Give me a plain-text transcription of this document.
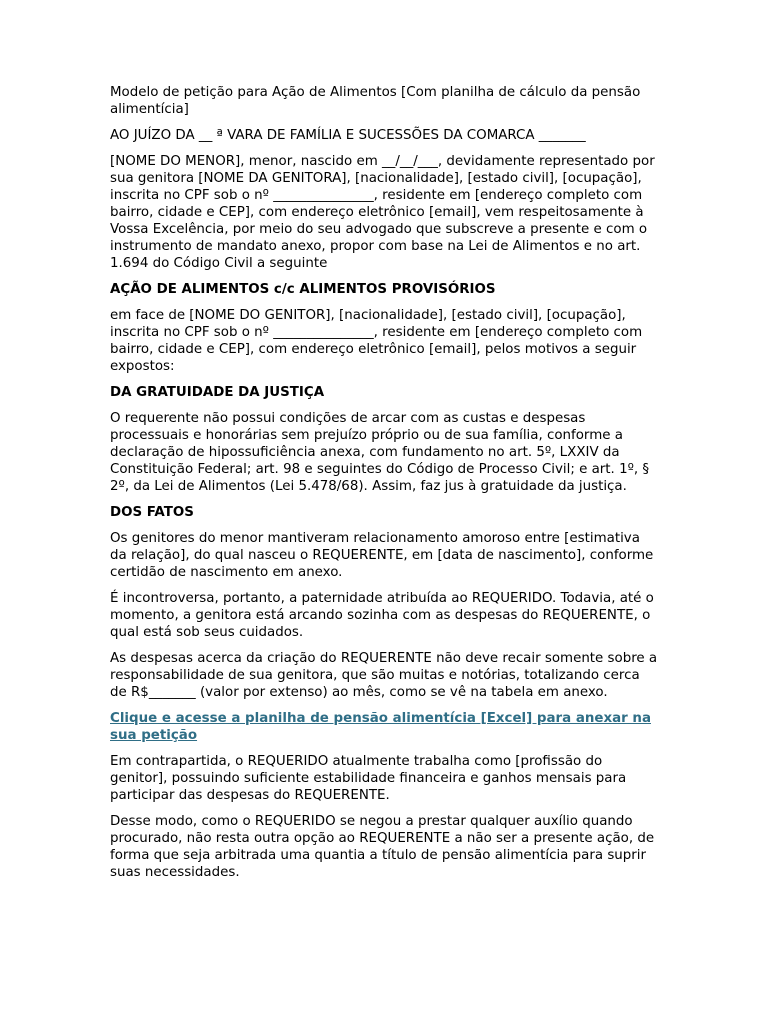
Modelo de petição para Ação de Alimentos [Com planilha de cálculo da pensão alimentícia]

AO JUÍZO DA __ ª VARA DE FAMÍLIA E SUCESSÕES DA COMARCA _______

[NOME DO MENOR], menor, nascido em __/__/___, devidamente representado por sua genitora [NOME DA GENITORA], [nacionalidade], [estado civil], [ocupação], inscrita no CPF sob o nº _______________, residente em [endereço completo com bairro, cidade e CEP], com endereço eletrônico [email], vem respeitosamente à Vossa Excelência, por meio do seu advogado que subscreve a presente e com o instrumento de mandato anexo, propor com base na Lei de Alimentos e no art. 1.694 do Código Civil a seguinte

AÇÃO DE ALIMENTOS c/c ALIMENTOS PROVISÓRIOS

em face de [NOME DO GENITOR], [nacionalidade], [estado civil], [ocupação], inscrita no CPF sob o nº _______________, residente em [endereço completo com bairro, cidade e CEP], com endereço eletrônico [email], pelos motivos a seguir expostos:

DA GRATUIDADE DA JUSTIÇA

O requerente não possui condições de arcar com as custas e despesas processuais e honorárias sem prejuízo próprio ou de sua família, conforme a declaração de hipossuficiência anexa, com fundamento no art. 5º, LXXIV da Constituição Federal; art. 98 e seguintes do Código de Processo Civil; e art. 1º, § 2º, da Lei de Alimentos (Lei 5.478/68). Assim, faz jus à gratuidade da justiça.

DOS FATOS

Os genitores do menor mantiveram relacionamento amoroso entre [estimativa da relação], do qual nasceu o REQUERENTE, em [data de nascimento], conforme certidão de nascimento em anexo.

É incontroversa, portanto, a paternidade atribuída ao REQUERIDO. Todavia, até o momento, a genitora está arcando sozinha com as despesas do REQUERENTE, o qual está sob seus cuidados.

As despesas acerca da criação do REQUERENTE não deve recair somente sobre a responsabilidade de sua genitora, que são muitas e notórias, totalizando cerca de R$_______ (valor por extenso) ao mês, como se vê na tabela em anexo.

Clique e acesse a planilha de pensão alimentícia [Excel] para anexar na sua petição

Em contrapartida, o REQUERIDO atualmente trabalha como [profissão do genitor], possuindo suficiente estabilidade financeira e ganhos mensais para participar das despesas do REQUERENTE.

Desse modo, como o REQUERIDO se negou a prestar qualquer auxílio quando procurado, não resta outra opção ao REQUERENTE a não ser a presente ação, de forma que seja arbitrada uma quantia a título de pensão alimentícia para suprir suas necessidades.
